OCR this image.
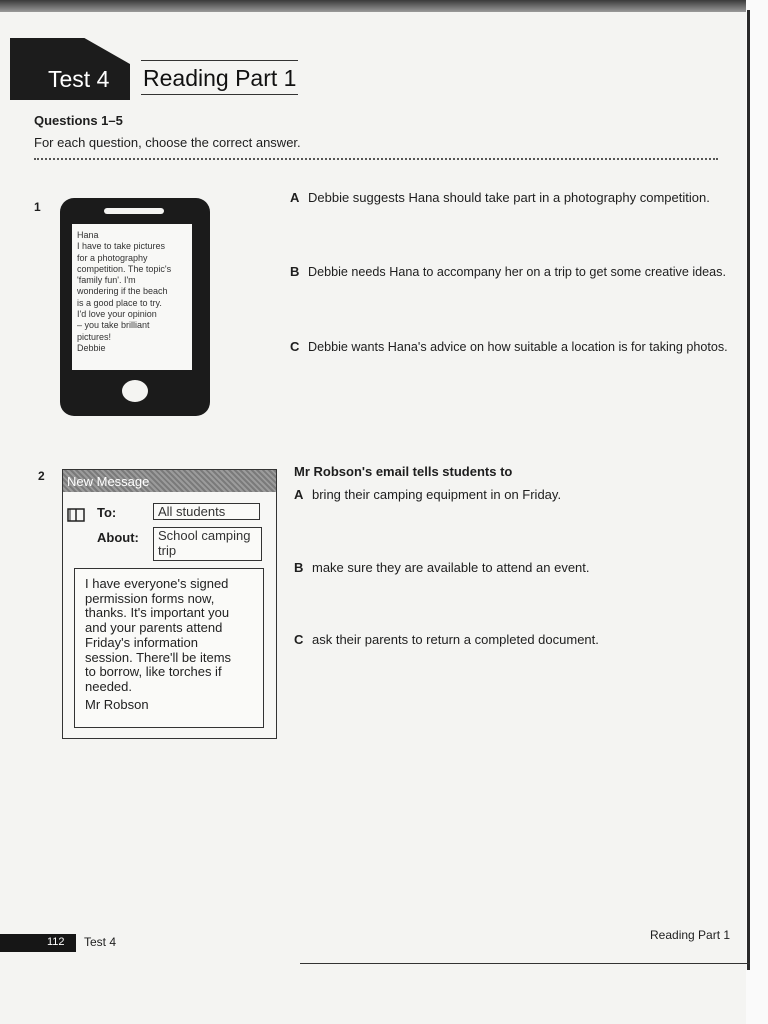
Test 4 Reading Part 1
Questions 1–5
For each question, choose the correct answer.
1
Hana
I have to take pictures
for a photography
competition. The topic's
'family fun'. I'm
wondering if the beach
is a good place to try.
I'd love your opinion
– you take brilliant
pictures!
Debbie
A Debbie suggests Hana should take part in a photography competition.
B Debbie needs Hana to accompany her on a trip to get some creative ideas.
C Debbie wants Hana's advice on how suitable a location is for taking photos.
2 New Message
To:	All students
About: School camping
trip
I have everyone's signed
permission forms now,
thanks. It's important you
and your parents attend
Friday's information
session. There'll be items
to borrow, like torches if
needed.
Mr Robson
Mr Robson's email tells students to
A bring their camping equipment in on Friday.
B make sure they are available to attend an event.
C ask their parents to return a completed document.
112 Test 4	Reading Part 1
